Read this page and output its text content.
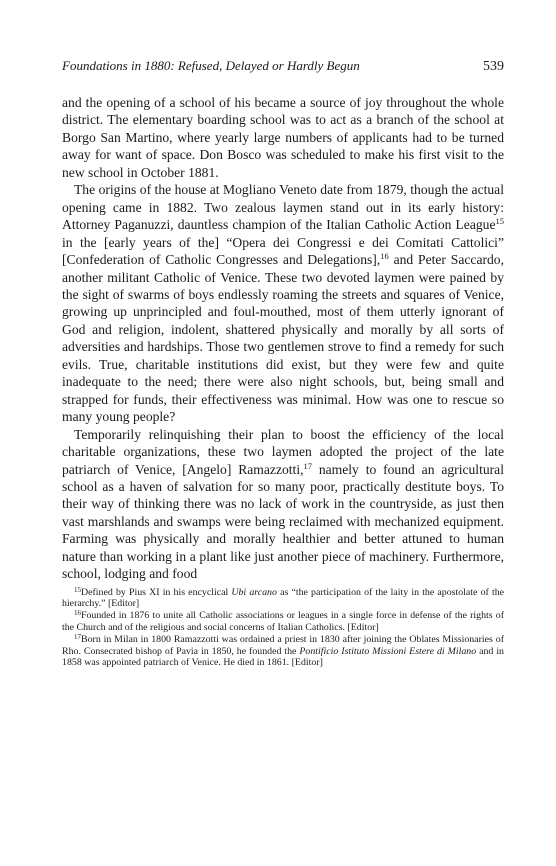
Foundations in 1880: Refused, Delayed or Hardly Begun	539

and the opening of a school of his became a source of joy throughout the whole district. The elementary boarding school was to act as a branch of the school at Borgo San Martino, where yearly large numbers of applicants had to be turned away for want of space. Don Bosco was scheduled to make his first visit to the new school in October 1881.

The origins of the house at Mogliano Veneto date from 1879, though the actual opening came in 1882. Two zealous laymen stand out in its early history: Attorney Paganuzzi, dauntless champion of the Italian Catholic Action League$^{15}$ in the [early years of the] “Opera dei Congressi e dei Comitati Cattolici” [Confederation of Catholic Congresses and Delegations],$^{16}$ and Peter Saccardo, another militant Catholic of Venice. These two devoted laymen were pained by the sight of swarms of boys endlessly roaming the streets and squares of Venice, growing up unprincipled and foul-mouthed, most of them utterly ignorant of God and religion, indolent, shattered physically and morally by all sorts of adversities and hardships. Those two gentlemen strove to find a remedy for such evils. True, charitable institutions did exist, but they were few and quite inadequate to the need; there were also night schools, but, being small and strapped for funds, their effectiveness was minimal. How was one to rescue so many young people?

Temporarily relinquishing their plan to boost the efficiency of the local charitable organizations, these two laymen adopted the project of the late patriarch of Venice, [Angelo] Ramazzotti,$^{17}$ namely to found an agricultural school as a haven of salvation for so many poor, practically destitute boys. To their way of thinking there was no lack of work in the countryside, as just then vast marshlands and swamps were being reclaimed with mechanized equipment. Farming was physically and morally healthier and better attuned to human nature than working in a plant like just another piece of machinery. Furthermore, school, lodging and food

$^{15}$Defined by Pius XI in his encyclical Ubi arcano as “the participation of the laity in the apostolate of the hierarchy.” [Editor]

$^{16}$Founded in 1876 to unite all Catholic associations or leagues in a single force in defense of the rights of the Church and of the religious and social concerns of Italian Catholics. [Editor]

$^{17}$Born in Milan in 1800 Ramazzotti was ordained a priest in 1830 after joining the Oblates Missionaries of Rho. Consecrated bishop of Pavia in 1850, he founded the Pontificio Istituto Missioni Estere di Milano and in 1858 was appointed patriarch of Venice. He died in 1861. [Editor]
